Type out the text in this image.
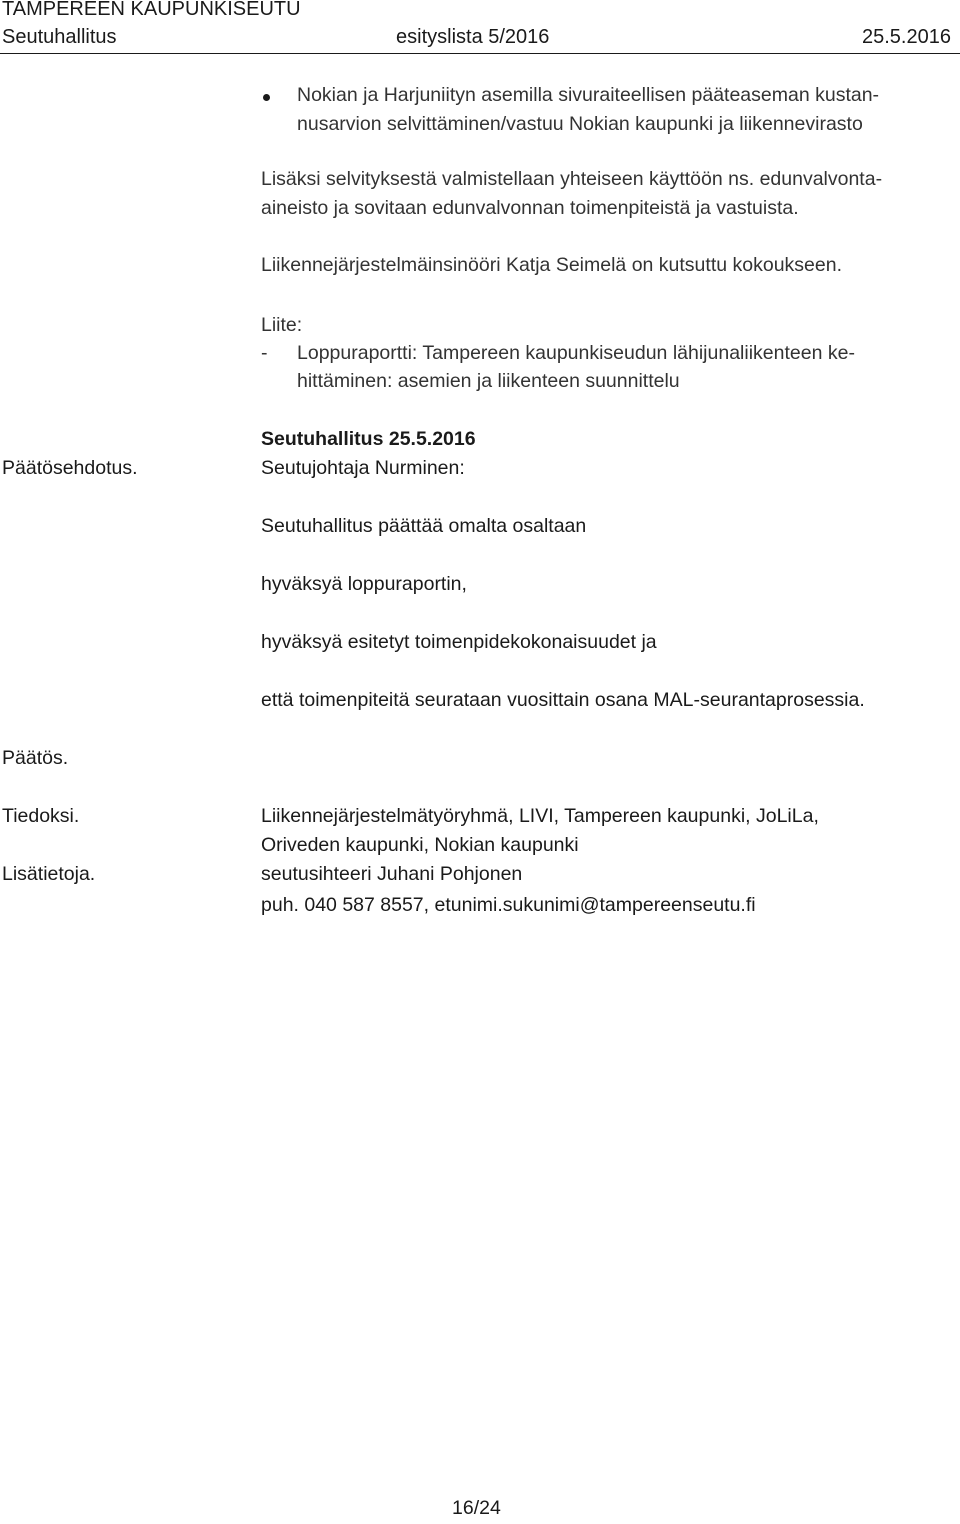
TAMPEREEN KAUPUNKISEUTU
Seutuhallitus	esityslista 5/2016	25.5.2016
Nokian ja Harjuniityn asemilla sivuraiteellisen pääteaseman kustan-
nusarvion selvittäminen/vastuu Nokian kaupunki ja liikennevirasto
Lisäksi selvityksestä valmistellaan yhteiseen käyttöön ns. edunvalvonta-
aineisto ja sovitaan edunvalvonnan toimenpiteistä ja vastuista.
Liikennejärjestelmäinsinööri Katja Seimelä on kutsuttu kokoukseen.
Liite:
- Loppuraportti: Tampereen kaupunkiseudun lähijunaliikenteen ke-
hittäminen: asemien ja liikenteen suunnittelu
Seutuhallitus 25.5.2016
Päätösehdotus.	Seutujohtaja Nurminen:
Seutuhallitus päättää omalta osaltaan
hyväksyä loppuraportin,
hyväksyä esitetyt toimenpidekokonaisuudet ja
että toimenpiteitä seurataan vuosittain osana MAL-seurantaprosessia.
Päätös.
Tiedoksi.	Liikennejärjestelmätyöryhmä, LIVI, Tampereen kaupunki, JoLiLa,
Oriveden kaupunki, Nokian kaupunki
Lisätietoja.	seutusihteeri Juhani Pohjonen
puh. 040 587 8557, etunimi.sukunimi@tampereenseutu.fi
16/24
